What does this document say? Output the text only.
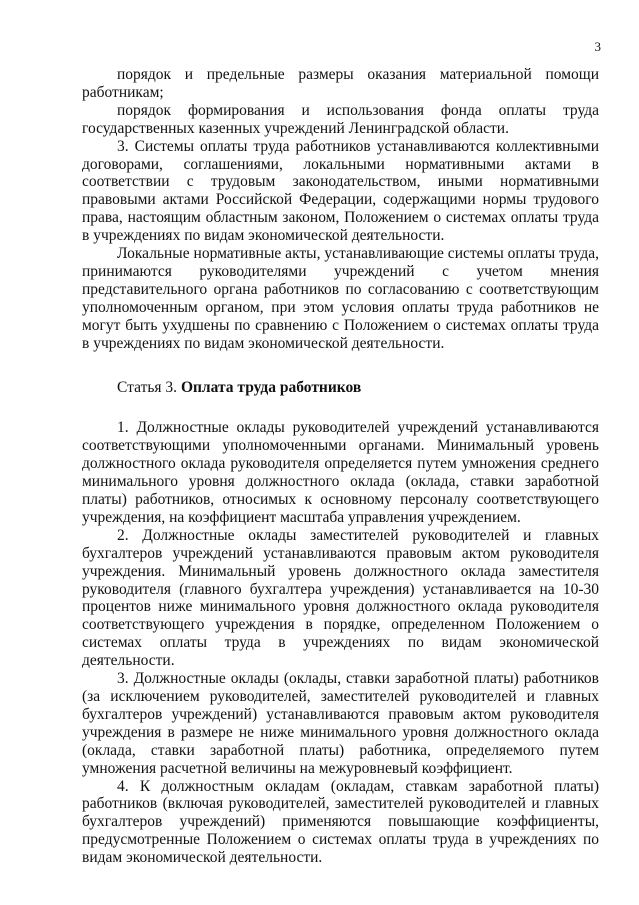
3

порядок и предельные размеры оказания материальной помощи работникам;

порядок формирования и использования фонда оплаты труда государственных казенных учреждений Ленинградской области.

3. Системы оплаты труда работников устанавливаются коллективными договорами, соглашениями, локальными нормативными актами в соответствии с трудовым законодательством, иными нормативными правовыми актами Российской Федерации, содержащими нормы трудового права, настоящим областным законом, Положением о системах оплаты труда в учреждениях по видам экономической деятельности.

Локальные нормативные акты, устанавливающие системы оплаты труда, принимаются руководителями учреждений с учетом мнения представительного органа работников по согласованию с соответствующим уполномоченным органом, при этом условия оплаты труда работников не могут быть ухудшены по сравнению с Положением о системах оплаты труда в учреждениях по видам экономической деятельности.

Статья 3. Оплата труда работников

1. Должностные оклады руководителей учреждений устанавливаются соответствующими уполномоченными органами. Минимальный уровень должностного оклада руководителя определяется путем умножения среднего минимального уровня должностного оклада (оклада, ставки заработной платы) работников, относимых к основному персоналу соответствующего учреждения, на коэффициент масштаба управления учреждением.

2. Должностные оклады заместителей руководителей и главных бухгалтеров учреждений устанавливаются правовым актом руководителя учреждения. Минимальный уровень должностного оклада заместителя руководителя (главного бухгалтера учреждения) устанавливается на 10-30 процентов ниже минимального уровня должностного оклада руководителя соответствующего учреждения в порядке, определенном Положением о системах оплаты труда в учреждениях по видам экономической деятельности.

3. Должностные оклады (оклады, ставки заработной платы) работников (за исключением руководителей, заместителей руководителей и главных бухгалтеров учреждений) устанавливаются правовым актом руководителя учреждения в размере не ниже минимального уровня должностного оклада (оклада, ставки заработной платы) работника, определяемого путем умножения расчетной величины на межуровневый коэффициент.

4. К должностным окладам (окладам, ставкам заработной платы) работников (включая руководителей, заместителей руководителей и главных бухгалтеров учреждений) применяются повышающие коэффициенты, предусмотренные Положением о системах оплаты труда в учреждениях по видам экономической деятельности.
